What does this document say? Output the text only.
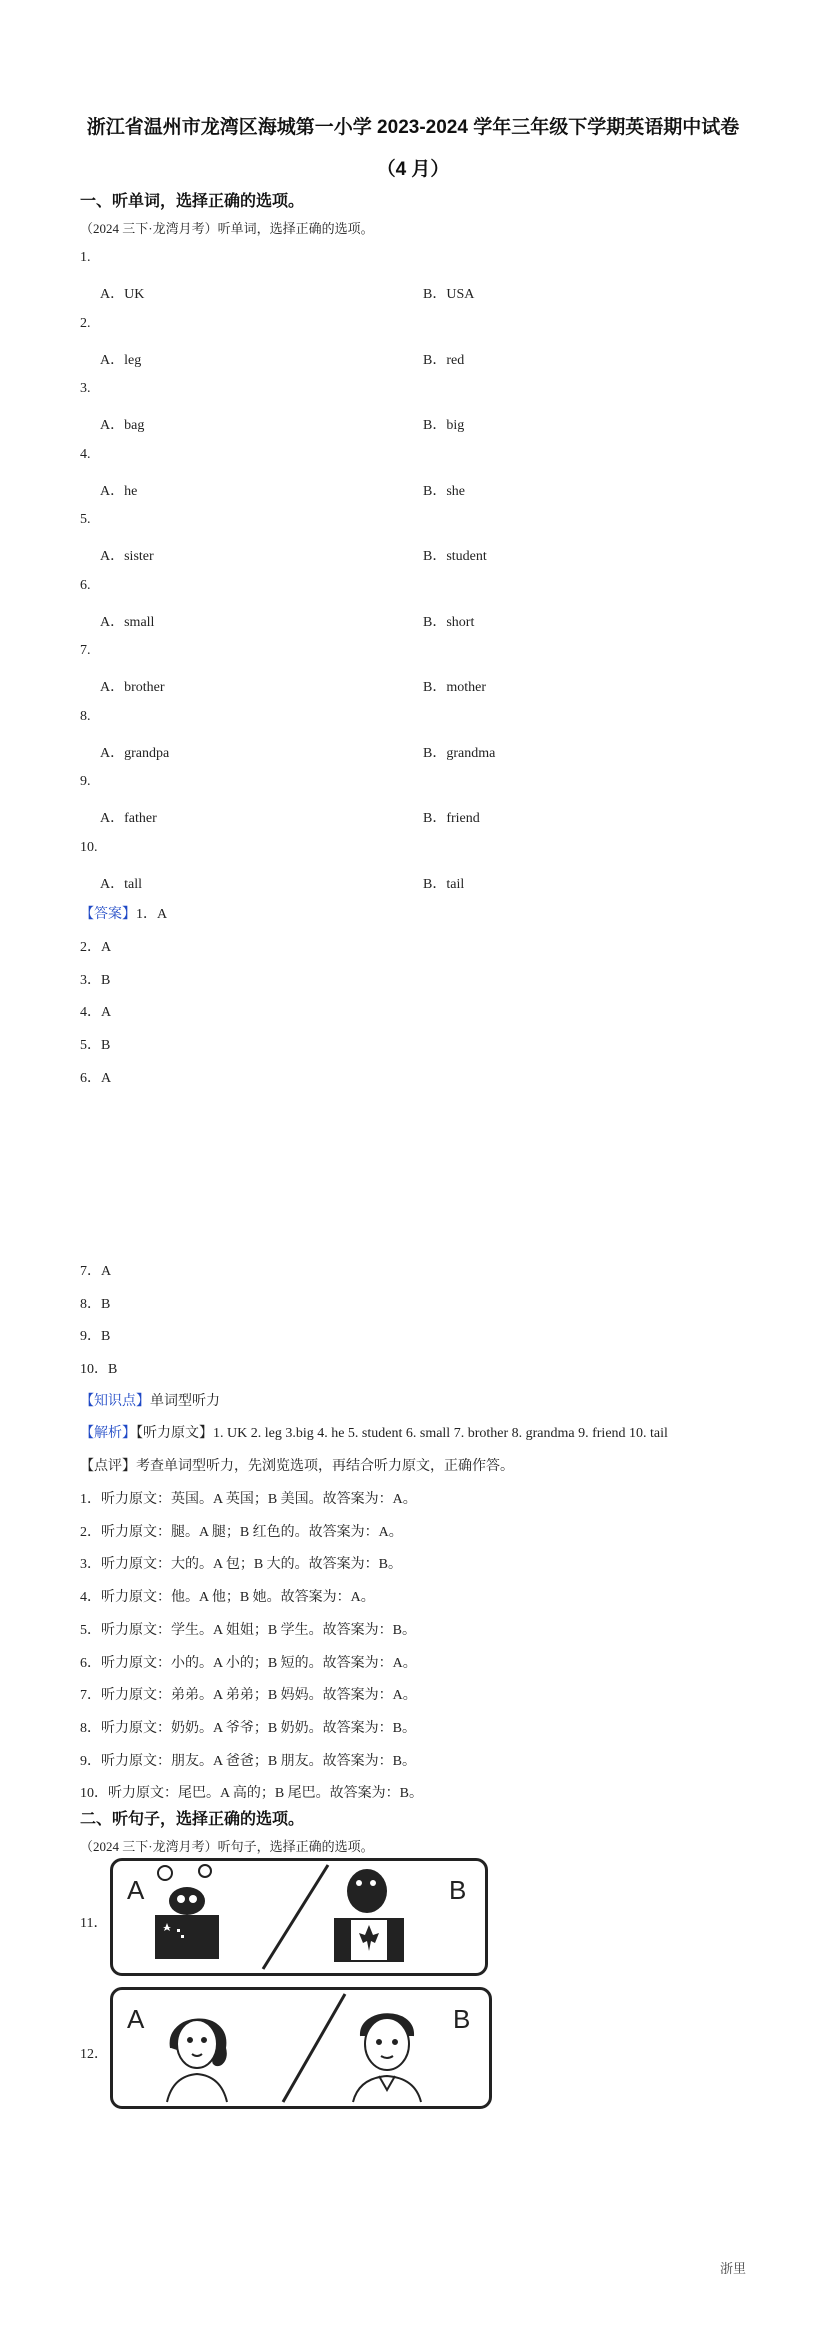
浙江省温州市龙湾区海城第一小学 2023-2024 学年三年级下学期英语期中试卷
（4 月）
一、听单词，选择正确的选项。
（2024 三下·龙湾月考）听单词，选择正确的选项。
1.
A．UK	B．USA
2.
A．leg	B．red
3.
A．bag	B．big
4.
A．he	B．she
5.
A．sister	B．student
6.
A．small	B．short
7.
A．brother	B．mother
8.
A．grandpa	B．grandma
9.
A．father	B．friend
10.
A．tall	B．tail
【答案】1．A
2．A
3．B
4．A
5．B
6．A
7．A
8．B
9．B
10．B
【知识点】单词型听力
【解析】【听力原文】1. UK 2. leg 3.big 4. he 5. student 6. small 7. brother 8. grandma 9. friend 10. tail
【点评】考查单词型听力，先浏览选项，再结合听力原文，正确作答。
1．听力原文：英国。A 英国；B 美国。故答案为：A。
2．听力原文：腿。A 腿；B 红色的。故答案为：A。
3．听力原文：大的。A 包；B 大的。故答案为：B。
4．听力原文：他。A 他；B 她。故答案为：A。
5．听力原文：学生。A 姐姐；B 学生。故答案为：B。
6．听力原文：小的。A 小的；B 短的。故答案为：A。
7．听力原文：弟弟。A 弟弟；B 妈妈。故答案为：A。
8．听力原文：奶奶。A 爷爷；B 奶奶。故答案为：B。
9．听力原文：朋友。A 爸爸；B 朋友。故答案为：B。
10．听力原文：尾巴。A 高的；B 尾巴。故答案为：B。
二、听句子，选择正确的选项。
（2024 三下·龙湾月考）听句子，选择正确的选项。
11．
A	B
12．
A	B
浙里
